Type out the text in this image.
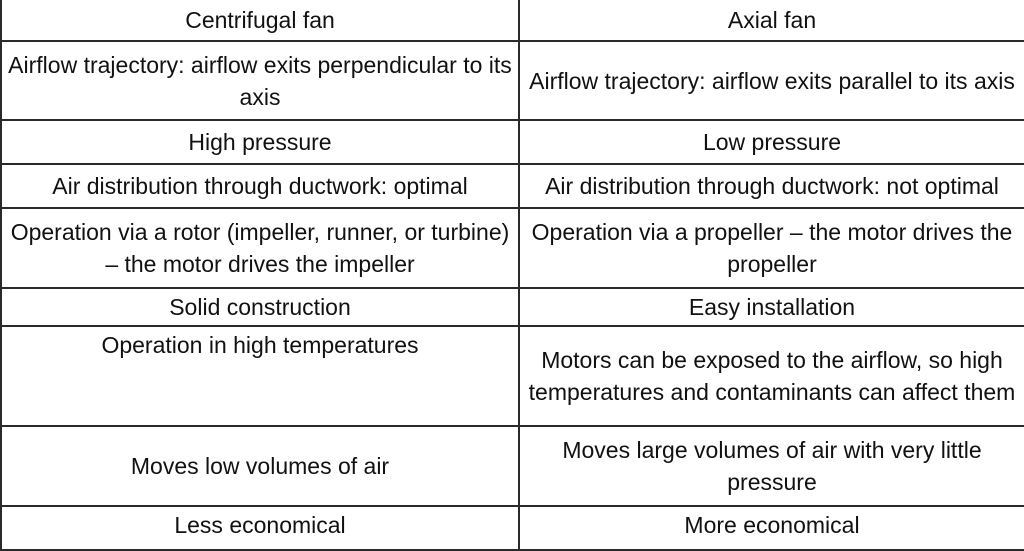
Centrifugal fan	Axial fan
Airflow trajectory: airflow exits perpendicular to its axis	Airflow trajectory: airflow exits parallel to its axis
High pressure	Low pressure
Air distribution through ductwork: optimal	Air distribution through ductwork: not optimal
Operation via a rotor (impeller, runner, or turbine) – the motor drives the impeller	Operation via a propeller – the motor drives the propeller
Solid construction	Easy installation
Operation in high temperatures	Motors can be exposed to the airflow, so high temperatures and contaminants can affect them
Moves low volumes of air	Moves large volumes of air with very little pressure
Less economical	More economical
